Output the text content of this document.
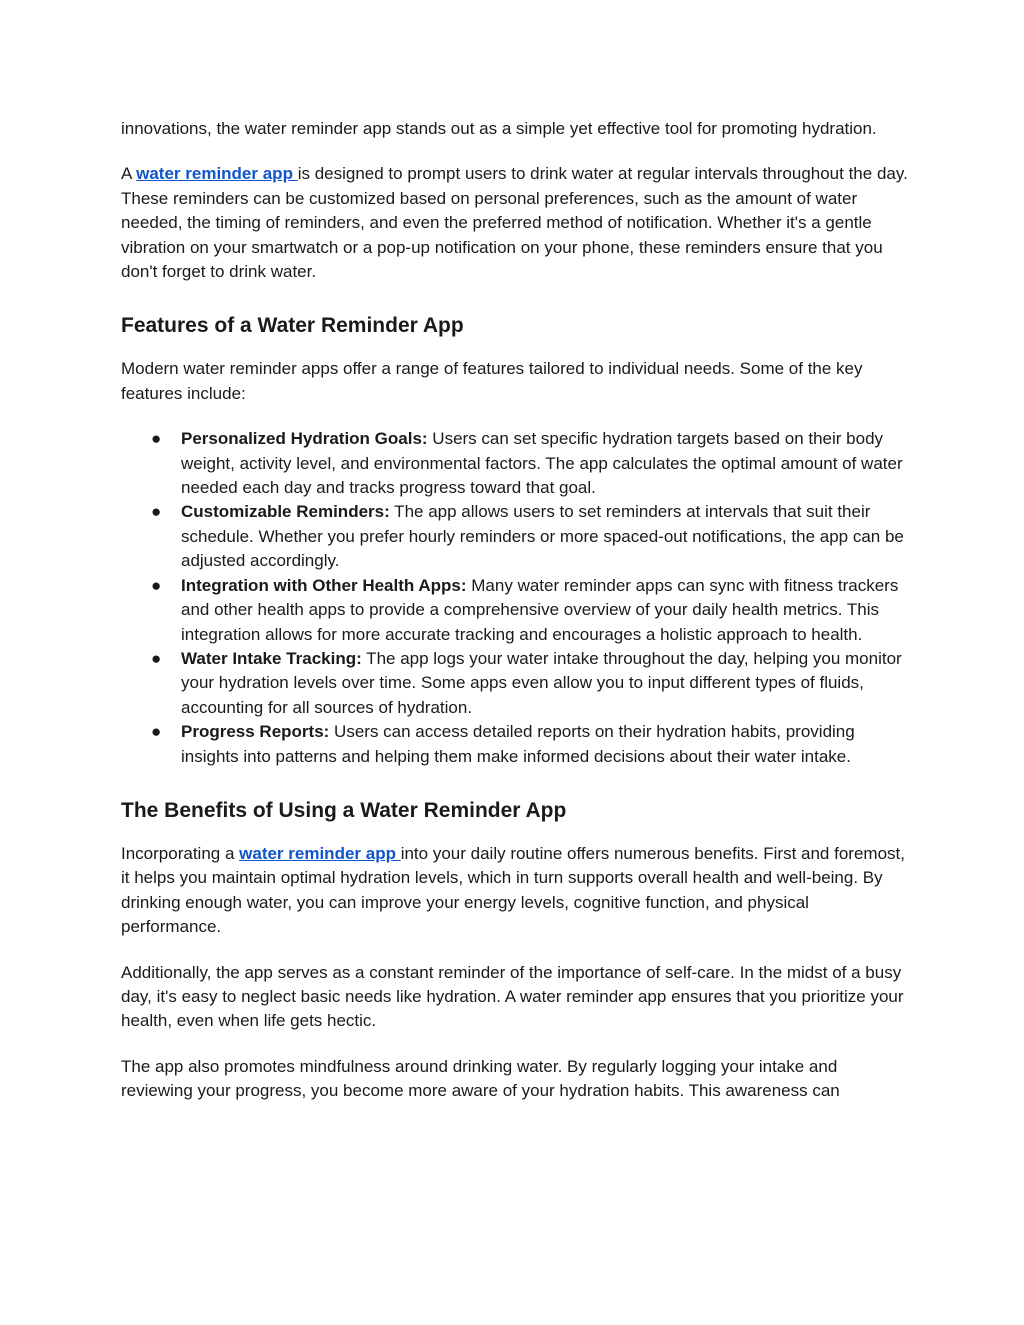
innovations, the water reminder app stands out as a simple yet effective tool for promoting hydration.

A water reminder app is designed to prompt users to drink water at regular intervals throughout the day. These reminders can be customized based on personal preferences, such as the amount of water needed, the timing of reminders, and even the preferred method of notification. Whether it's a gentle vibration on your smartwatch or a pop-up notification on your phone, these reminders ensure that you don't forget to drink water.

Features of a Water Reminder App

Modern water reminder apps offer a range of features tailored to individual needs. Some of the key features include:

● Personalized Hydration Goals: Users can set specific hydration targets based on their body weight, activity level, and environmental factors. The app calculates the optimal amount of water needed each day and tracks progress toward that goal.
● Customizable Reminders: The app allows users to set reminders at intervals that suit their schedule. Whether you prefer hourly reminders or more spaced-out notifications, the app can be adjusted accordingly.
● Integration with Other Health Apps: Many water reminder apps can sync with fitness trackers and other health apps to provide a comprehensive overview of your daily health metrics. This integration allows for more accurate tracking and encourages a holistic approach to health.
● Water Intake Tracking: The app logs your water intake throughout the day, helping you monitor your hydration levels over time. Some apps even allow you to input different types of fluids, accounting for all sources of hydration.
● Progress Reports: Users can access detailed reports on their hydration habits, providing insights into patterns and helping them make informed decisions about their water intake.
The Benefits of Using a Water Reminder App

Incorporating a water reminder app into your daily routine offers numerous benefits. First and foremost, it helps you maintain optimal hydration levels, which in turn supports overall health and well-being. By drinking enough water, you can improve your energy levels, cognitive function, and physical performance.

Additionally, the app serves as a constant reminder of the importance of self-care. In the midst of a busy day, it's easy to neglect basic needs like hydration. A water reminder app ensures that you prioritize your health, even when life gets hectic.

The app also promotes mindfulness around drinking water. By regularly logging your intake and reviewing your progress, you become more aware of your hydration habits. This awareness can
